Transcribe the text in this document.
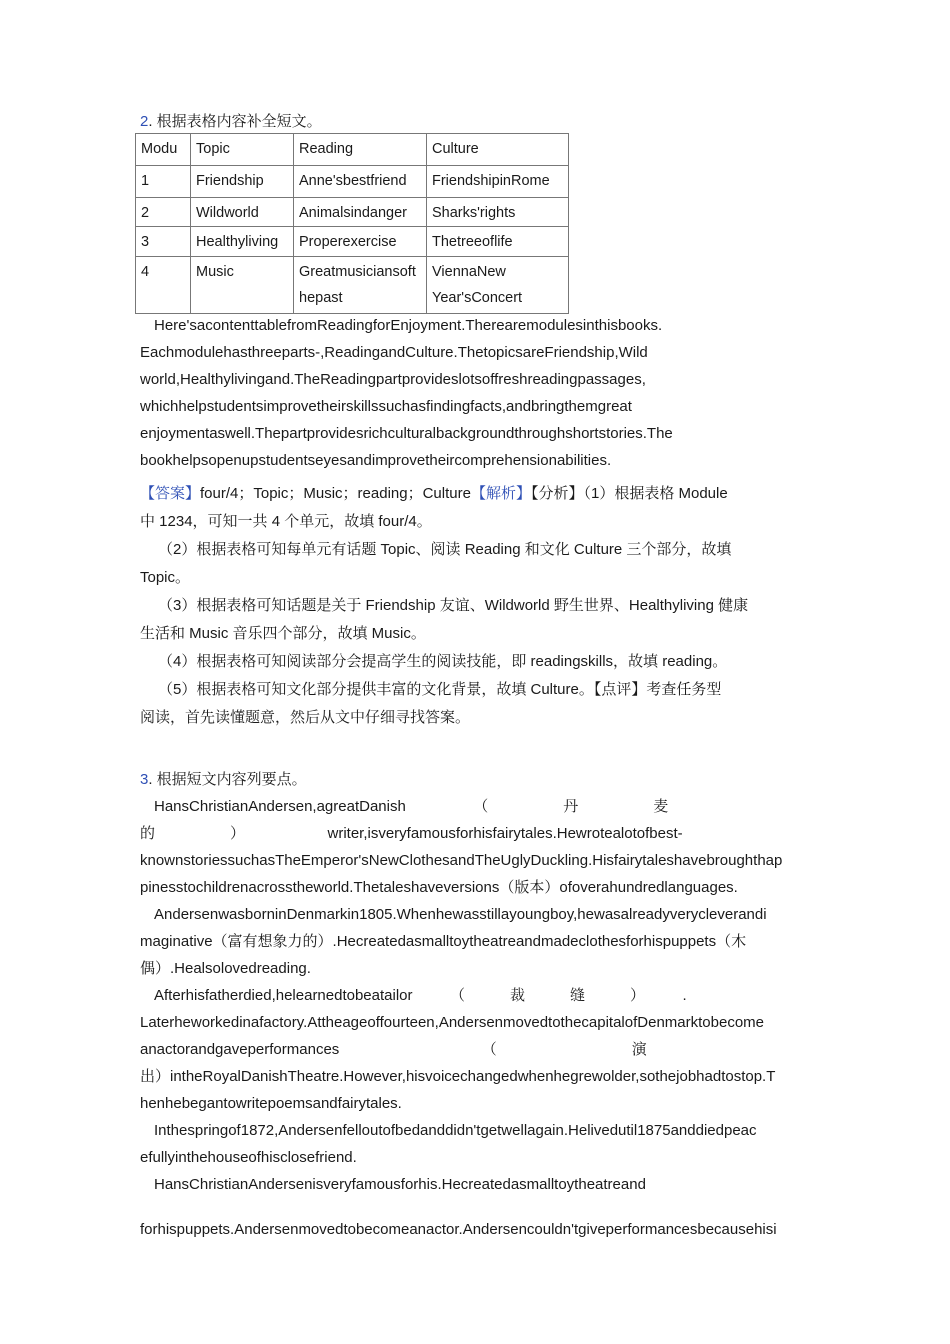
2. 根据表格内容补全短文。
Modu	Topic	Reading	Culture
1	Friendship	Anne'sbestfriend	FriendshipinRome
2	Wildworld	Animalsindanger	Sharks'rights
3	Healthyliving	Properexercise	Thetreeoflife
4	Music	Greatmusiciansofthepast	ViennaNew Year'sConcert
Here'sacontenttablefromReadingforEnjoyment.Therearemodulesinthisbooks.
Eachmodulehasthreeparts-,ReadingandCulture.ThetopicsareFriendship,Wild
world,Healthylivingand.TheReadingpartprovideslotsoffreshreadingpassages,
whichhelpstudentsimprovetheirskillssuchasfindingfacts,andbringthemgreat
enjoymentaswell.Thepartprovidesrichculturalbackgroundthroughshortstories.The
bookhelpsopenupstudentseyesandimprovetheircomprehensionabilities.
【答案】four/4；Topic；Music；reading；Culture【解析】【分析】（1）根据表格 Module
中 1234，可知一共 4 个单元，故填 four/4。
（2）根据表格可知每单元有话题 Topic、阅读 Reading 和文化 Culture 三个部分，故填
Topic。
（3）根据表格可知话题是关于 Friendship 友谊、Wildworld 野生世界、Healthyliving 健康
生活和 Music 音乐四个部分，故填 Music。
（4）根据表格可知阅读部分会提高学生的阅读技能，即 readingskills，故填 reading。
（5）根据表格可知文化部分提供丰富的文化背景，故填 Culture。【点评】考查任务型
阅读，首先读懂题意，然后从文中仔细寻找答案。
3. 根据短文内容列要点。
HansChristianAndersen,agreatDanish　　　　　（　　　　　丹　　　　　麦
的　　　　　）　　　　　　writer,isveryfamousforhisfairytales.Hewrotealotofbest-
knownstoriessuchasTheEmperor'sNewClothesandTheUglyDuckling.Hisfairytaleshavebroughthap
pinesstochildrenacrosstheworld.Thetaleshaveversions（版本）ofoverahundredlanguages.
AndersenwasborninDenmarkin1805.Whenhewasstillayoungboy,hewasalreadyverycleverandi
maginative（富有想象力的）.Hecreatedasmalltoytheatreandmadeclothesforhispuppets（木
偶）.Healsolovedreading.
Afterhisfatherdied,helearnedtobeatailor　　　（　　　裁　　　缝　　　）　　　.
Laterheworkedinafactory.Attheageoffourteen,AndersenmovedtothecapitalofDenmarktobecome
anactorandgaveperformances　　　　　　　　　　（　　　　　　　　　演
出）intheRoyalDanishTheatre.However,hisvoicechangedwhenhegrewolder,sothejobhadtostop.T
henhebegantowritepoemsandfairytales.
Inthespringof1872,Andersenfelloutofbedanddidn'tgetwellagain.Helivedutil1875anddiedpeac
efullyinthehouseofhisclosefriend.
HansChristianAndersenisveryfamousforhis.Hecreatedasmalltoytheatreand
forhispuppets.Andersenmovedtobecomeanactor.Andersencouldn'tgiveperformancesbecausehisi
